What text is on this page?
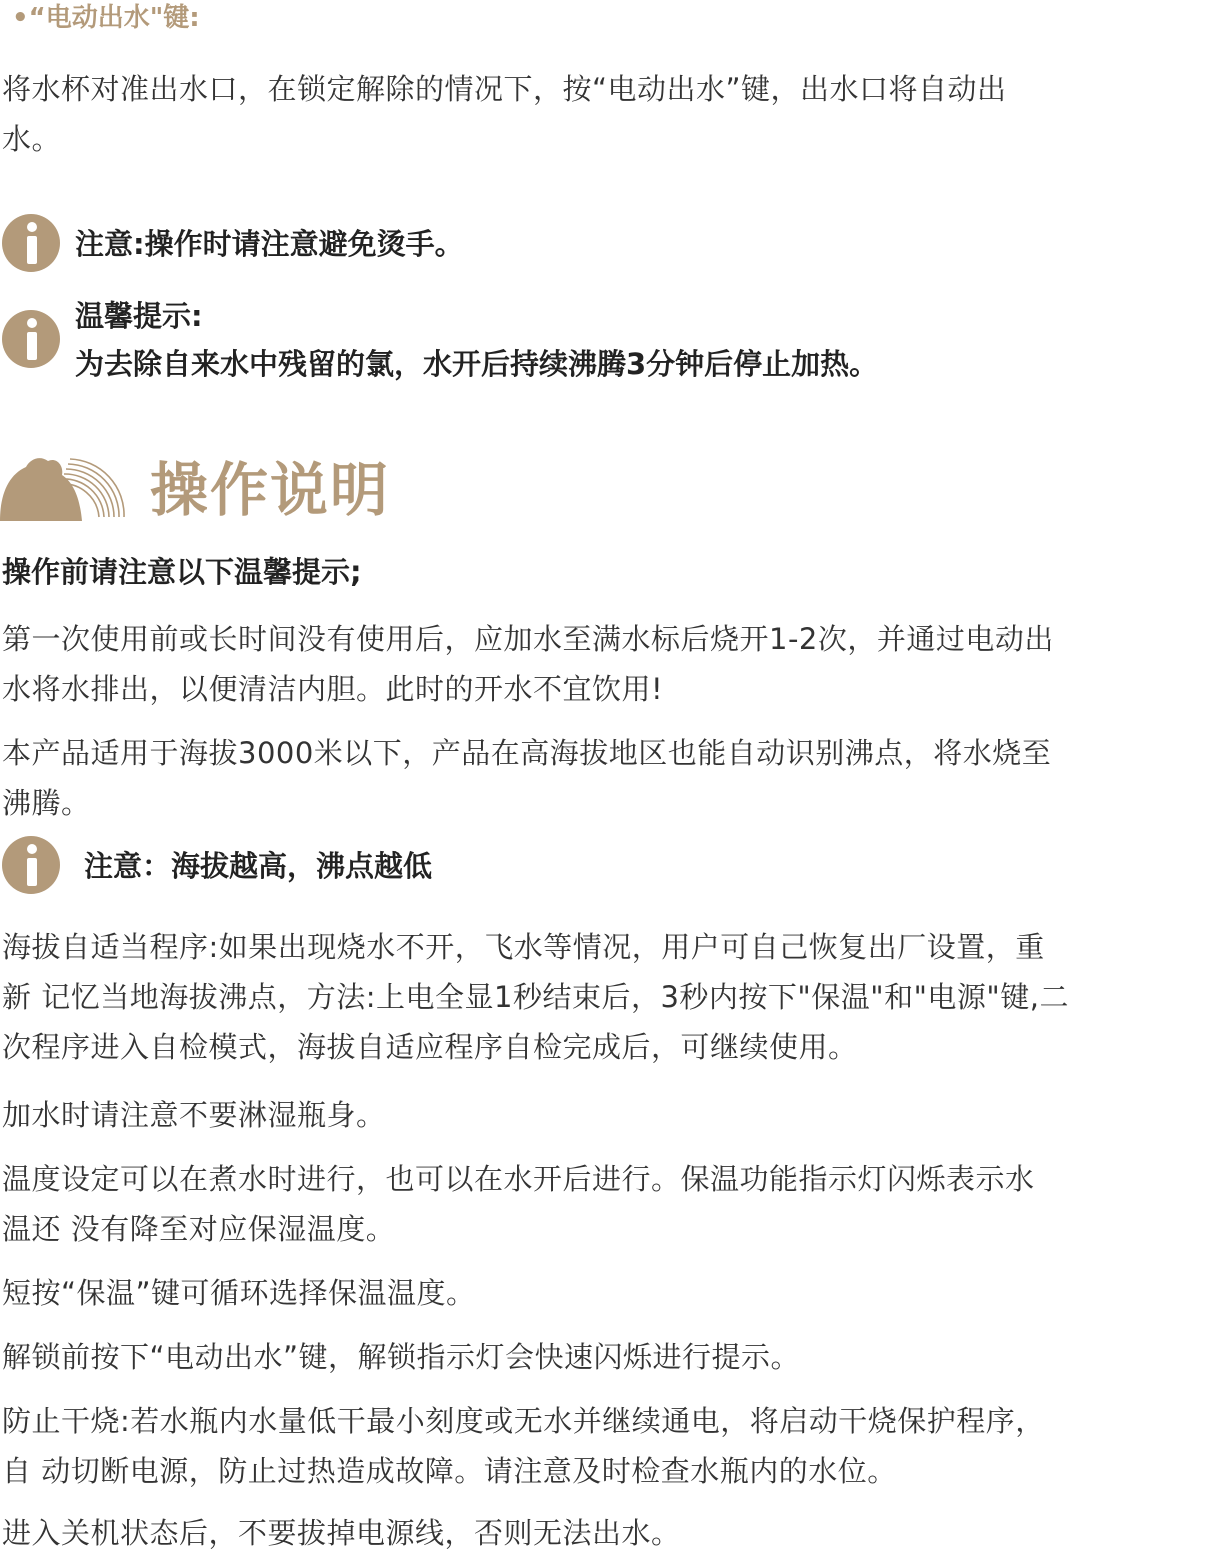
•“电动出水"键:
将水杯对准出水口，在锁定解除的情况下，按“电动出水”键，出水口将自动出
水。
注意:操作时请注意避免烫手。
温馨提示:
为去除自来水中残留的氯，水开后持续沸腾3分钟后停止加热。
操作说明
操作前请注意以下温馨提示;
第一次使用前或长时间没有使用后，应加水至满水标后烧开1-2次，并通过电动出
水将水排出，以便清洁内胆。此时的开水不宜饮用!
本产品适用于海拔3000米以下，产品在高海拔地区也能自动识别沸点，将水烧至
沸腾。
注意：海拔越高，沸点越低
海拔自适当程序:如果出现烧水不开，飞水等情况，用户可自己恢复出厂设置，重
新 记忆当地海拔沸点，方法:上电全显1秒结束后，3秒内按下"保温"和"电源"键,二
次程序进入自检模式，海拔自适应程序自检完成后，可继续使用。
加水时请注意不要淋湿瓶身。
温度设定可以在煮水时进行，也可以在水开后进行。保温功能指示灯闪烁表示水
温还 没有降至对应保湿温度。
短按“保温”键可循环选择保温温度。
解锁前按下“电动出水”键，解锁指示灯会快速闪烁进行提示。
防止干烧:若水瓶内水量低干最小刻度或无水并继续通电，将启动干烧保护程序，
自 动切断电源，防止过热造成故障。请注意及时检查水瓶内的水位。
进入关机状态后，不要拔掉电源线，否则无法出水。
